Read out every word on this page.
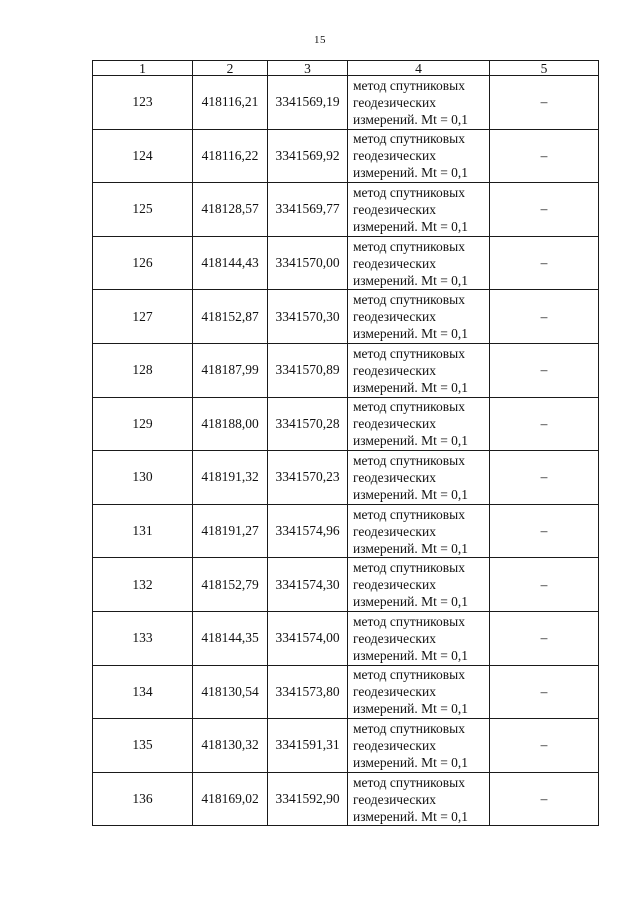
15
1	2	3	4	5
123	418116,21	3341569,19	метод спутниковых
геодезических
измерений. Mt = 0,1	–
124	418116,22	3341569,92	метод спутниковых
геодезических
измерений. Mt = 0,1	–
125	418128,57	3341569,77	метод спутниковых
геодезических
измерений. Mt = 0,1	–
126	418144,43	3341570,00	метод спутниковых
геодезических
измерений. Mt = 0,1	–
127	418152,87	3341570,30	метод спутниковых
геодезических
измерений. Mt = 0,1	–
128	418187,99	3341570,89	метод спутниковых
геодезических
измерений. Mt = 0,1	–
129	418188,00	3341570,28	метод спутниковых
геодезических
измерений. Mt = 0,1	–
130	418191,32	3341570,23	метод спутниковых
геодезических
измерений. Mt = 0,1	–
131	418191,27	3341574,96	метод спутниковых
геодезических
измерений. Mt = 0,1	–
132	418152,79	3341574,30	метод спутниковых
геодезических
измерений. Mt = 0,1	–
133	418144,35	3341574,00	метод спутниковых
геодезических
измерений. Mt = 0,1	–
134	418130,54	3341573,80	метод спутниковых
геодезических
измерений. Mt = 0,1	–
135	418130,32	3341591,31	метод спутниковых
геодезических
измерений. Mt = 0,1	–
136	418169,02	3341592,90	метод спутниковых
геодезических
измерений. Mt = 0,1	–
